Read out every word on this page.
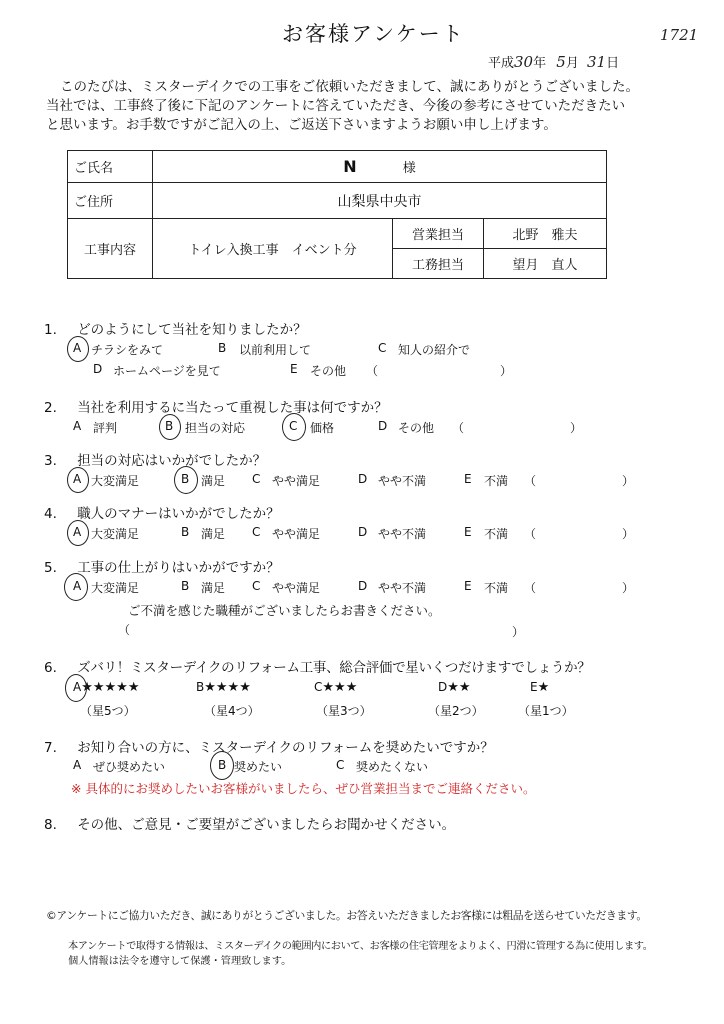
お客様アンケート	1721
平成30年 5月 31日
このたびは、ミスターデイクでの工事をご依頼いただきまして、誠にありがとうございました。
当社では、工事終了後に下記のアンケートに答えていただき、今後の参考にさせていただきたい
と思います。お手数ですがご記入の上、ご返送下さいますようお願い申し上げます。
ご氏名	N 様		
ご住所	山梨県中央市		
工事内容	トイレ入換工事　イベント分	営業担当	北野　雅夫
		工務担当	望月　直人
1. どのようにして当社を知りましたか？
A チラシをみて	B 以前利用して	C 知人の紹介で
D ホームページを見て	E その他 （	）
2. 当社を利用するに当たって重視した事は何ですか？
A 評判	B 担当の対応	C 価格	D その他 （	）
3. 担当の対応はいかがでしたか？
A 大変満足	B 満足 C やや満足	D やや不満	E 不満 （	）
4. 職人のマナーはいかがでしたか？
A 大変満足	B 満足 C やや満足	D やや不満	E 不満 （	）
5. 工事の仕上がりはいかがですか？
A 大変満足	B 満足 C やや満足	D やや不満	E 不満 （	）
ご不満を感じた職種がございましたらお書きください。
（	）
6. ズバリ！ミスターデイクのリフォーム工事、総合評価で星いくつだけますでしょうか？
A★★★★★
（星5つ）
B★★★★
（星4つ）
C★★★
（星3つ）
D★★
（星2つ）
E★
（星1つ）
7. お知り合いの方に、ミスターデイクのリフォームを奨めたいですか？
A ぜひ奨めたい	B 奨めたい	C 奨めたくない
※ 具体的にお奨めしたいお客様がいましたら、ぜひ営業担当までご連絡ください。
8. その他、ご意見・ご要望がございましたらお聞かせください。
©アンケートにご協力いただき、誠にありがとうございました。お答えいただきましたお客様には粗品を送らせていただきます。
本アンケートで取得する情報は、ミスターデイクの範囲内において、お客様の住宅管理をよりよく、円滑に管理する為に使用します。
個人情報は法令を遵守して保護・管理致します。
